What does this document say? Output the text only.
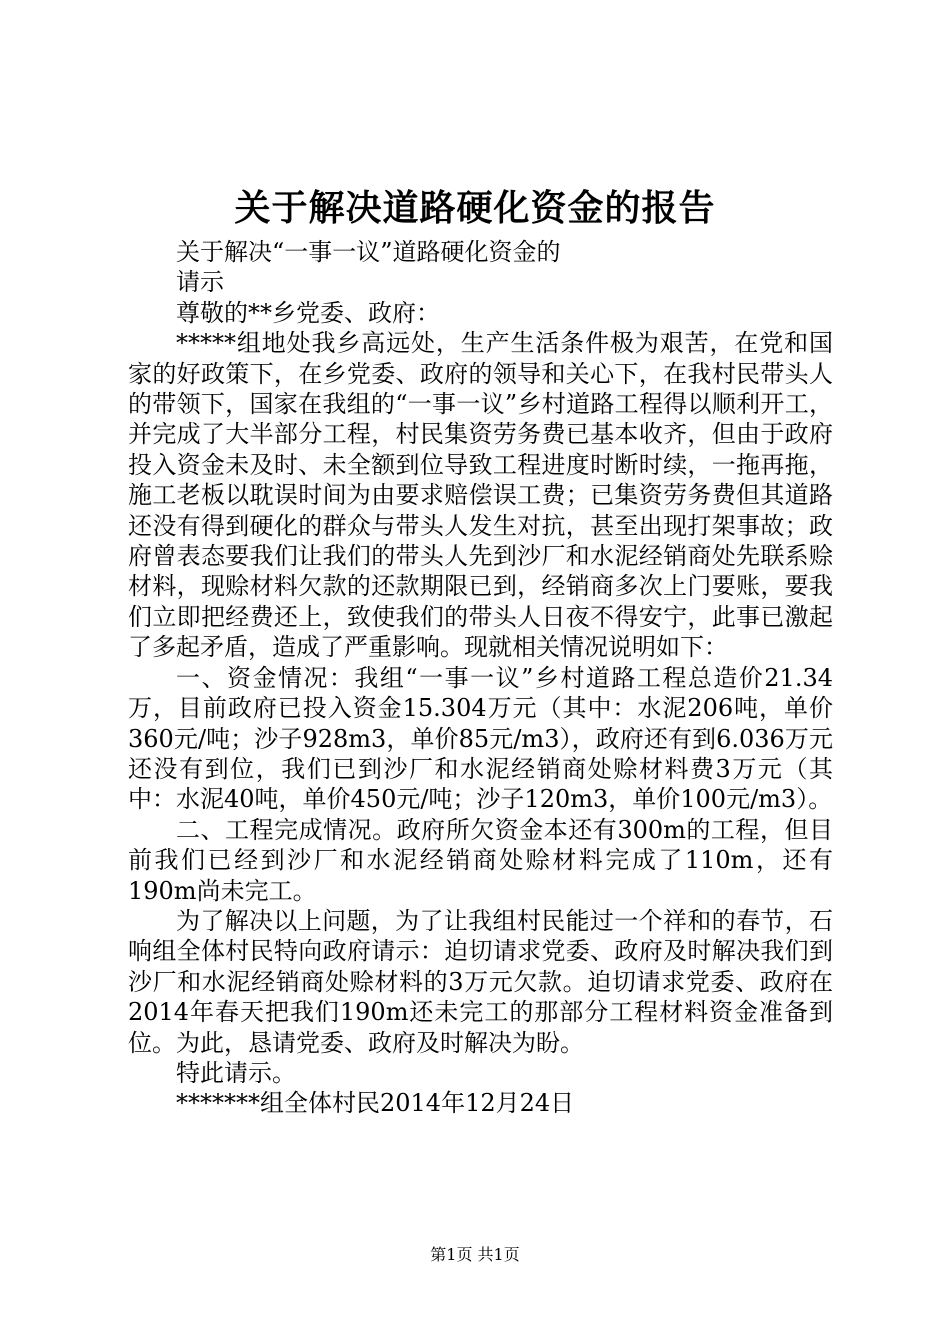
关于解决道路硬化资金的报告

关于解决“一事一议”道路硬化资金的

请示

尊敬的**乡党委、政府：

*****组地处我乡高远处，生产生活条件极为艰苦，在党和国家的好政策下，在乡党委、政府的领导和关心下，在我村民带头人的带领下，国家在我组的“一事一议”乡村道路工程得以顺利开工，并完成了大半部分工程，村民集资劳务费已基本收齐，但由于政府投入资金未及时、未全额到位导致工程进度时断时续，一拖再拖，施工老板以耽误时间为由要求赔偿误工费；已集资劳务费但其道路还没有得到硬化的群众与带头人发生对抗，甚至出现打架事故；政府曾表态要我们让我们的带头人先到沙厂和水泥经销商处先联系赊材料，现赊材料欠款的还款期限已到，经销商多次上门要账，要我们立即把经费还上，致使我们的带头人日夜不得安宁，此事已激起了多起矛盾，造成了严重影响。现就相关情况说明如下：

一、资金情况：我组“一事一议”乡村道路工程总造价21.34万，目前政府已投入资金15.304万元（其中：水泥206吨，单价360元/吨；沙子928m3，单价85元/m3），政府还有到6.036万元还没有到位，我们已到沙厂和水泥经销商处赊材料费3万元（其中：水泥40吨，单价450元/吨；沙子120m3，单价100元/m3）。

二、工程完成情况。政府所欠资金本还有300m的工程，但目前我们已经到沙厂和水泥经销商处赊材料完成了110m，还有190m尚未完工。

为了解决以上问题，为了让我组村民能过一个祥和的春节，石响组全体村民特向政府请示：迫切请求党委、政府及时解决我们到沙厂和水泥经销商处赊材料的3万元欠款。迫切请求党委、政府在2014年春天把我们190m还未完工的那部分工程材料资金准备到位。为此，恳请党委、政府及时解决为盼。

特此请示。

*******组全体村民2014年12月24日

第1页 共1页
